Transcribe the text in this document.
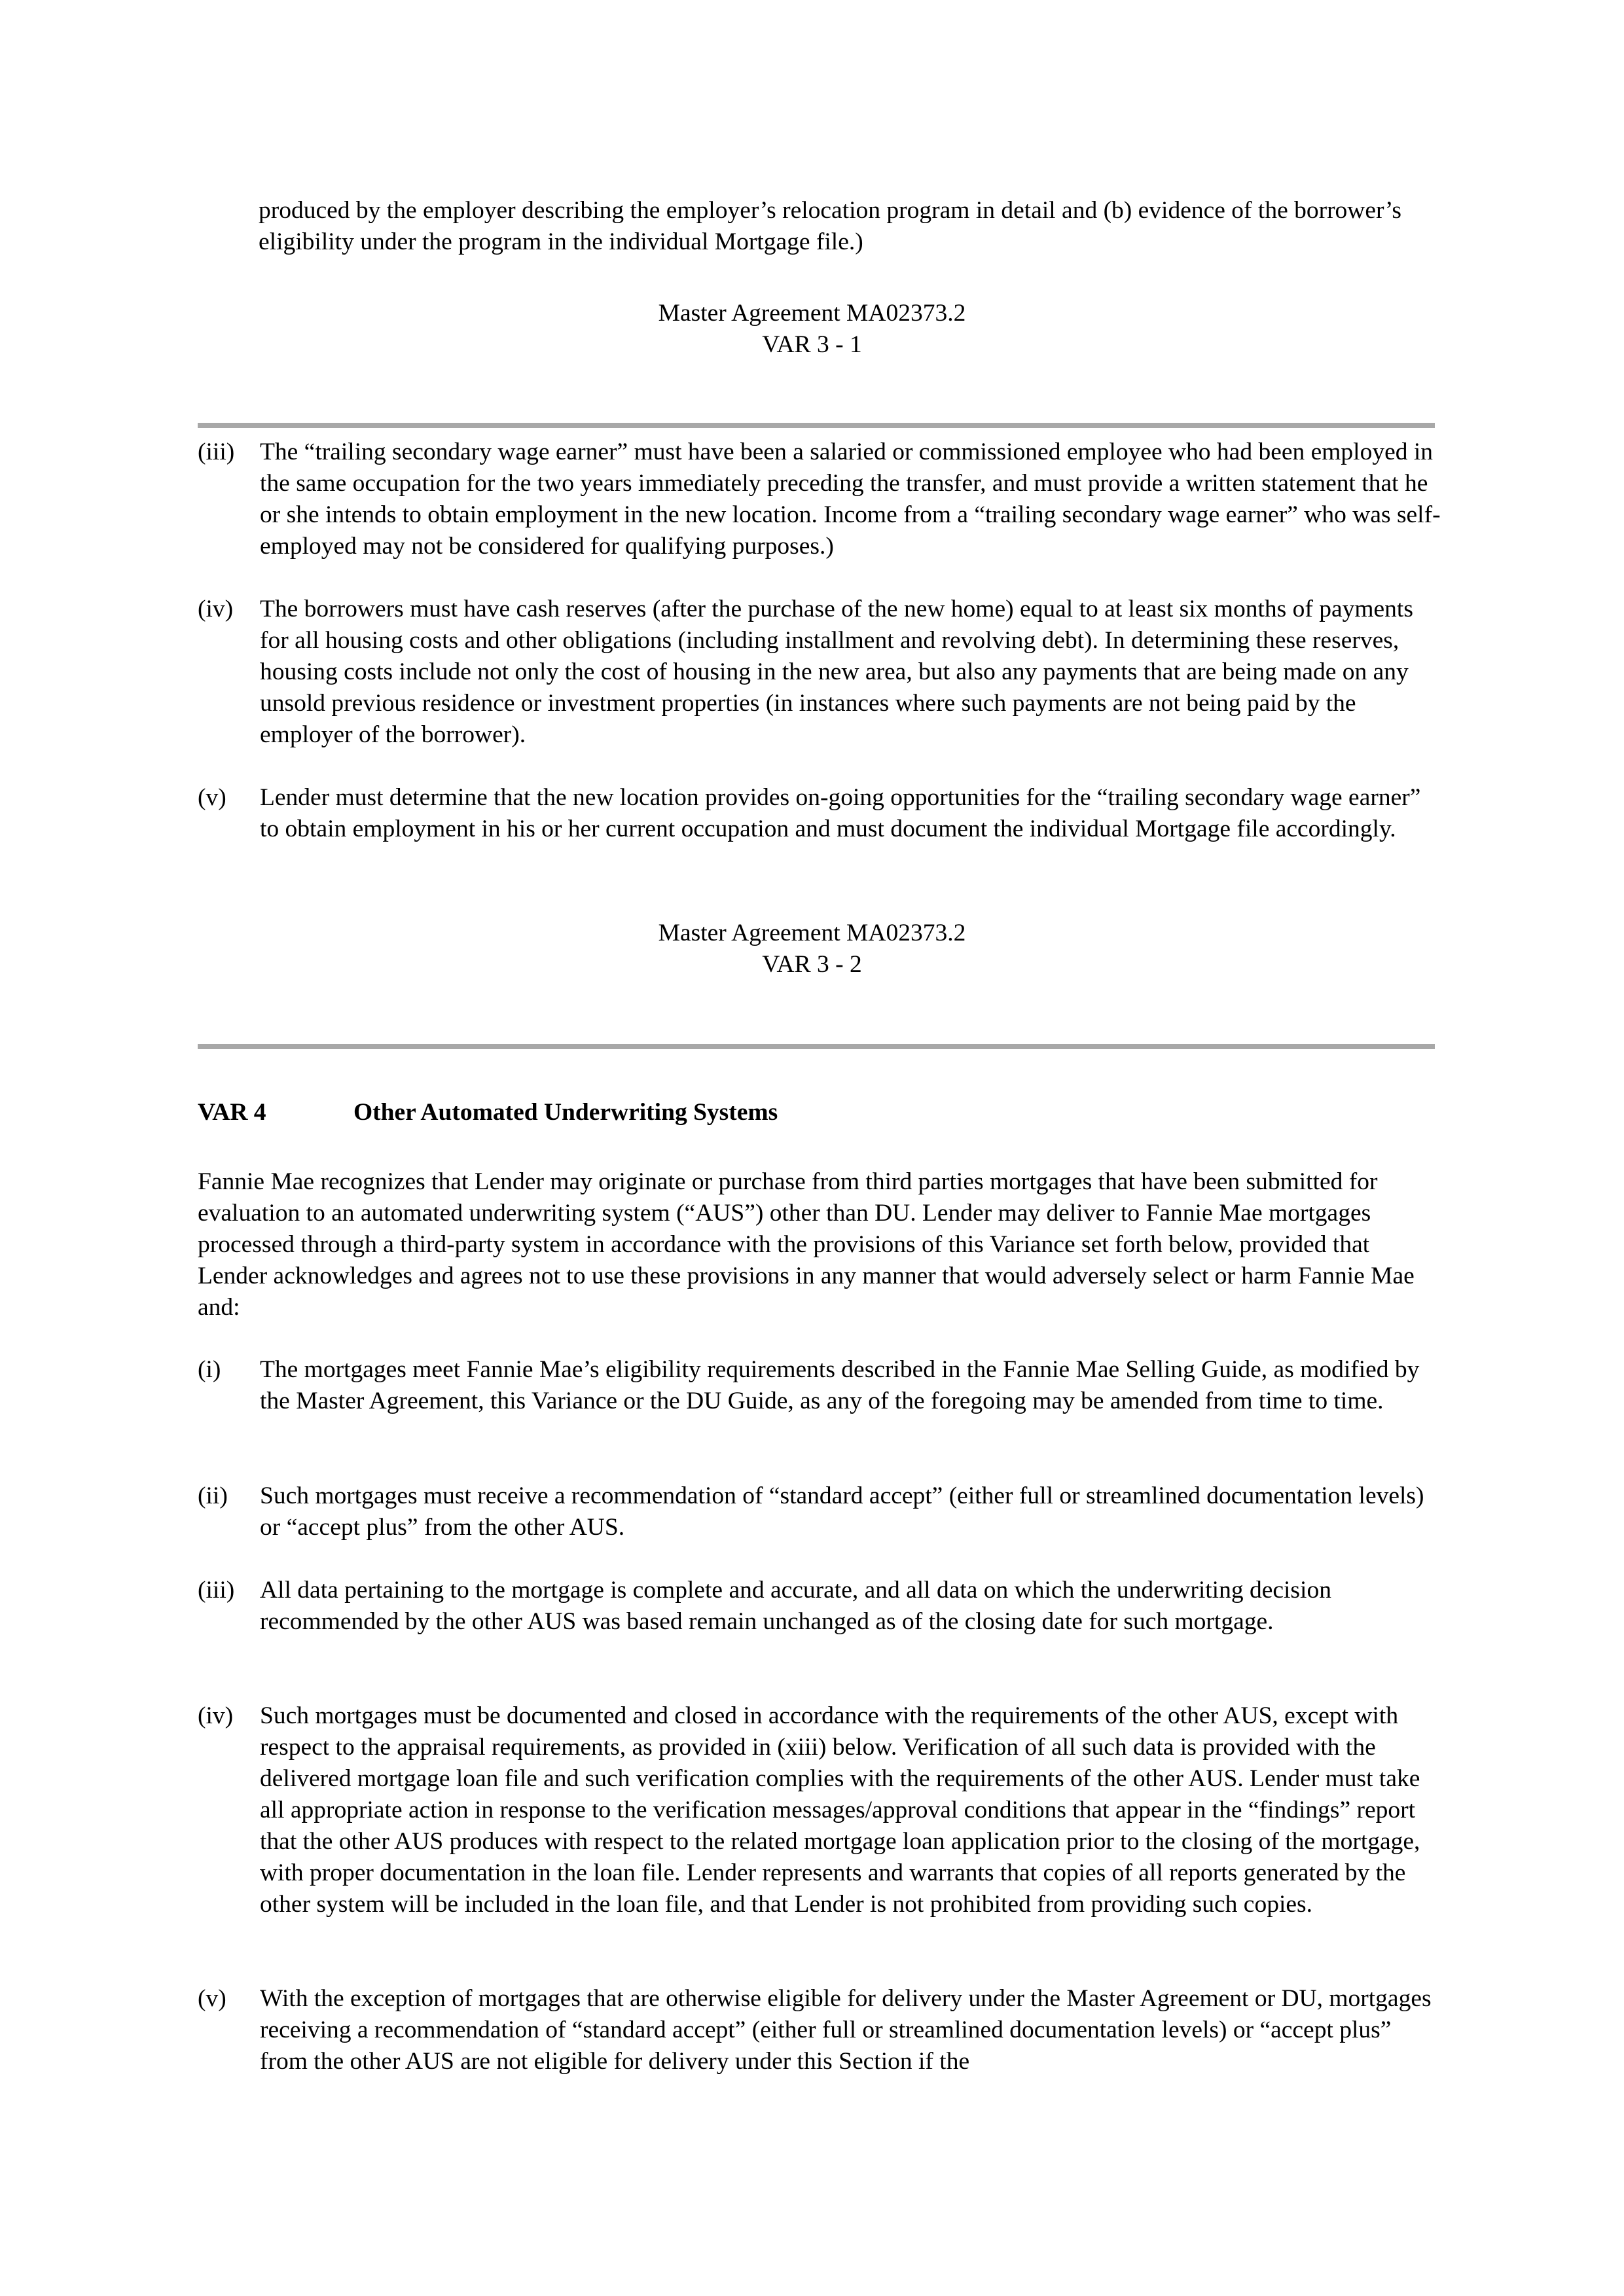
produced by the employer describing the employer’s relocation program in detail and (b) evidence of the borrower’s eligibility under the program in the individual Mortgage file.)

Master Agreement MA02373.2
VAR 3 - 1
(iii)	The “trailing secondary wage earner” must have been a salaried or commissioned employee who had been employed in the same occupation for the two years immediately preceding the transfer, and must provide a written statement that he or she intends to obtain employment in the new location. Income from a “trailing secondary wage earner” who was self-employed may not be considered for qualifying purposes.)
(iv)	The borrowers must have cash reserves (after the purchase of the new home) equal to at least six months of payments for all housing costs and other obligations (including installment and revolving debt). In determining these reserves, housing costs include not only the cost of housing in the new area, but also any payments that are being made on any unsold previous residence or investment properties (in instances where such payments are not being paid by the employer of the borrower).
(v)	Lender must determine that the new location provides on-going opportunities for the “trailing secondary wage earner” to obtain employment in his or her current occupation and must document the individual Mortgage file accordingly.
Master Agreement MA02373.2
VAR 3 - 2
VAR 4	Other Automated Underwriting Systems

Fannie Mae recognizes that Lender may originate or purchase from third parties mortgages that have been submitted for evaluation to an automated underwriting system (“AUS”) other than DU. Lender may deliver to Fannie Mae mortgages processed through a third-party system in accordance with the provisions of this Variance set forth below, provided that Lender acknowledges and agrees not to use these provisions in any manner that would adversely select or harm Fannie Mae and:

(i)	The mortgages meet Fannie Mae’s eligibility requirements described in the Fannie Mae Selling Guide, as modified by the Master Agreement, this Variance or the DU Guide, as any of the foregoing may be amended from time to time.
(ii)	Such mortgages must receive a recommendation of “standard accept” (either full or streamlined documentation levels) or “accept plus” from the other AUS.
(iii)	All data pertaining to the mortgage is complete and accurate, and all data on which the underwriting decision recommended by the other AUS was based remain unchanged as of the closing date for such mortgage.
(iv)	Such mortgages must be documented and closed in accordance with the requirements of the other AUS, except with respect to the appraisal requirements, as provided in (xiii) below. Verification of all such data is provided with the delivered mortgage loan file and such verification complies with the requirements of the other AUS. Lender must take all appropriate action in response to the verification messages/approval conditions that appear in the “findings” report that the other AUS produces with respect to the related mortgage loan application prior to the closing of the mortgage, with proper documentation in the loan file. Lender represents and warrants that copies of all reports generated by the other system will be included in the loan file, and that Lender is not prohibited from providing such copies.
(v)	With the exception of mortgages that are otherwise eligible for delivery under the Master Agreement or DU, mortgages receiving a recommendation of “standard accept” (either full or streamlined documentation levels) or “accept plus” from the other AUS are not eligible for delivery under this Section if the
